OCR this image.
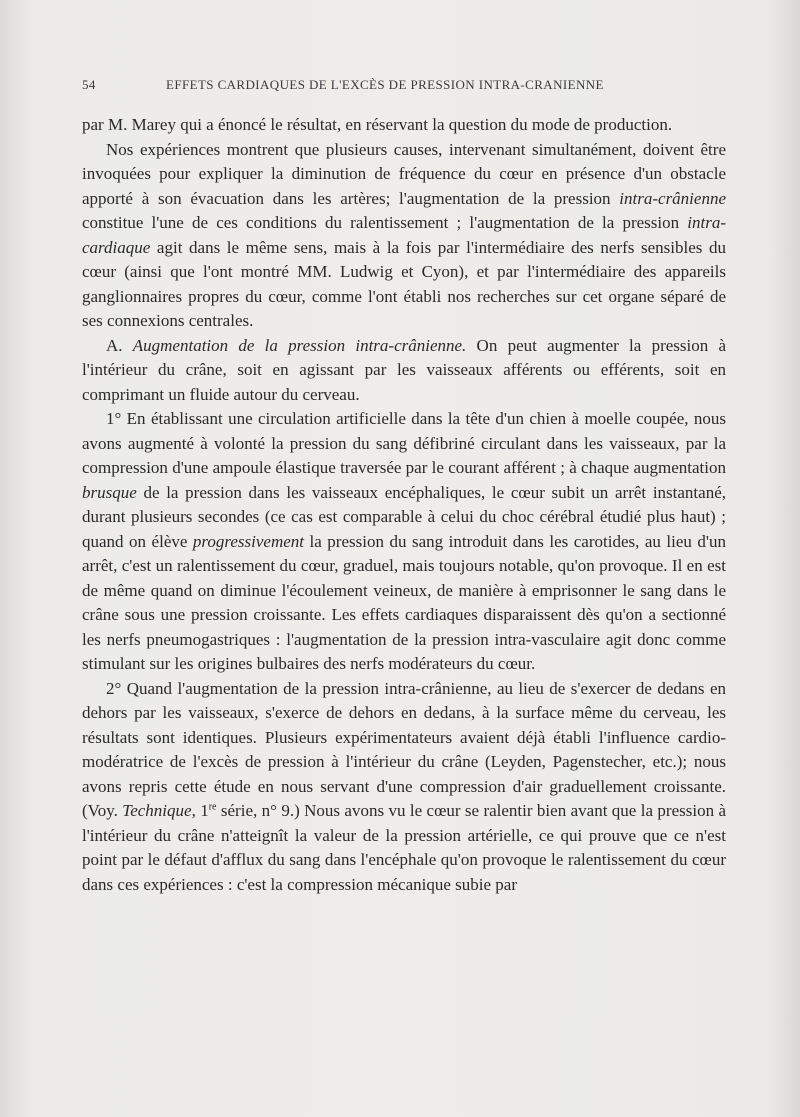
54	EFFETS CARDIAQUES DE L'EXCÈS DE PRESSION INTRA-CRANIENNE

par M. Marey qui a énoncé le résultat, en réservant la question du mode de production.

Nos expériences montrent que plusieurs causes, intervenant simultanément, doivent être invoquées pour expliquer la diminution de fréquence du cœur en présence d'un obstacle apporté à son évacuation dans les artères; l'augmentation de la pression intra-crânienne constitue l'une de ces conditions du ralentissement ; l'augmentation de la pression intra-cardiaque agit dans le même sens, mais à la fois par l'intermédiaire des nerfs sensibles du cœur (ainsi que l'ont montré MM. Ludwig et Cyon), et par l'intermédiaire des appareils ganglionnaires propres du cœur, comme l'ont établi nos recherches sur cet organe séparé de ses connexions centrales.

A. Augmentation de la pression intra-crânienne. On peut augmenter la pression à l'intérieur du crâne, soit en agissant par les vaisseaux afférents ou efférents, soit en comprimant un fluide autour du cerveau.

1° En établissant une circulation artificielle dans la tête d'un chien à moelle coupée, nous avons augmenté à volonté la pression du sang défibriné circulant dans les vaisseaux, par la compression d'une ampoule élastique traversée par le courant afférent ; à chaque augmentation brusque de la pression dans les vaisseaux encéphaliques, le cœur subit un arrêt instantané, durant plusieurs secondes (ce cas est comparable à celui du choc cérébral étudié plus haut) ; quand on élève progressivement la pression du sang introduit dans les carotides, au lieu d'un arrêt, c'est un ralentissement du cœur, graduel, mais toujours notable, qu'on provoque. Il en est de même quand on diminue l'écoulement veineux, de manière à emprisonner le sang dans le crâne sous une pression croissante. Les effets cardiaques disparaissent dès qu'on a sectionné les nerfs pneumogastriques : l'augmentation de la pression intra-vasculaire agit donc comme stimulant sur les origines bulbaires des nerfs modérateurs du cœur.

2° Quand l'augmentation de la pression intra-crânienne, au lieu de s'exercer de dedans en dehors par les vaisseaux, s'exerce de dehors en dedans, à la surface même du cerveau, les résultats sont identiques. Plusieurs expérimentateurs avaient déjà établi l'influence cardio-modératrice de l'excès de pression à l'intérieur du crâne (Leyden, Pagenstecher, etc.); nous avons repris cette étude en nous servant d'une compression d'air graduellement croissante. (Voy. Technique, 1re série, n° 9.) Nous avons vu le cœur se ralentir bien avant que la pression à l'intérieur du crâne n'atteignît la valeur de la pression artérielle, ce qui prouve que ce n'est point par le défaut d'afflux du sang dans l'encéphale qu'on provoque le ralentissement du cœur dans ces expériences : c'est la compression mécanique subie par
